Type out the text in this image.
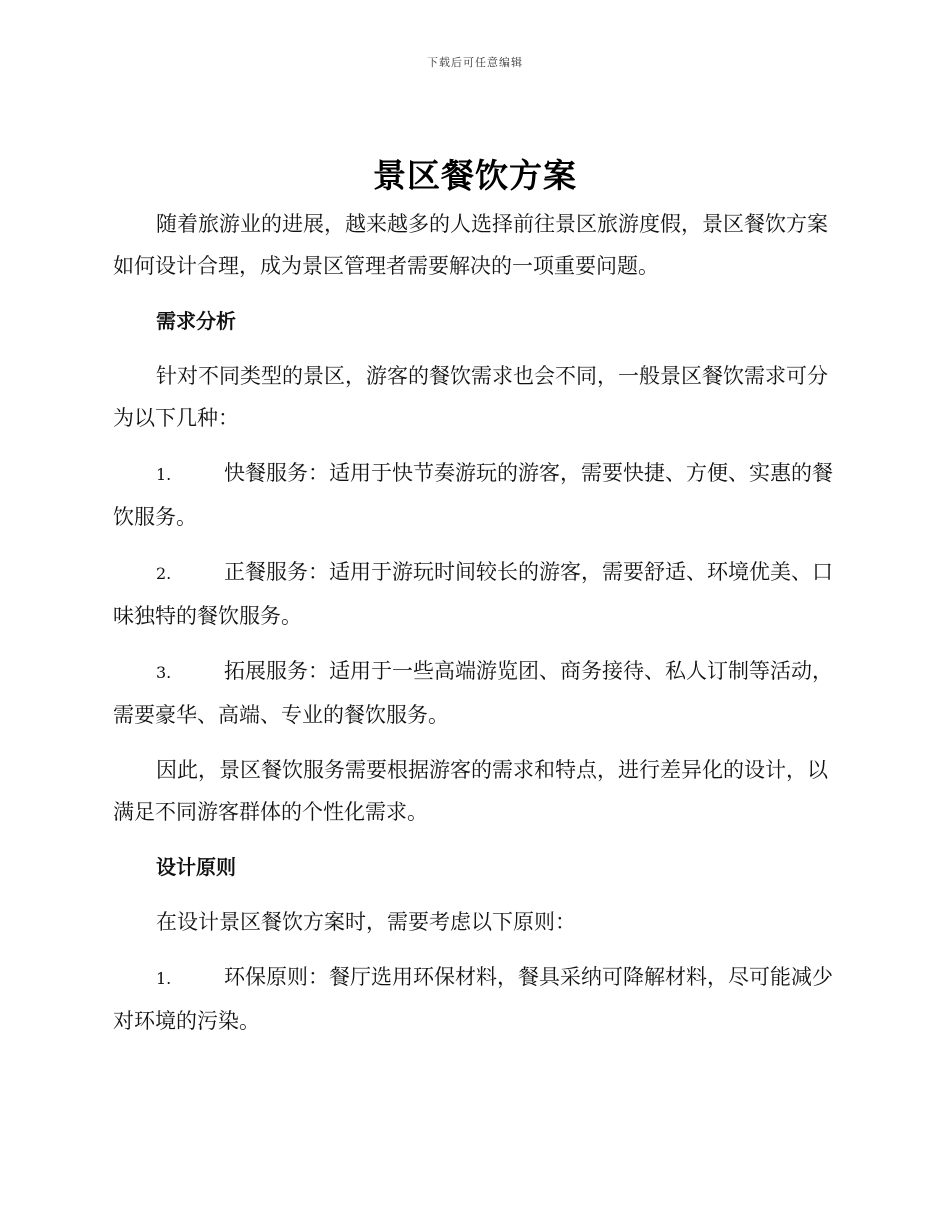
下载后可任意编辑
景区餐饮方案

随着旅游业的进展，越来越多的人选择前往景区旅游度假，景区餐饮方案如何设计合理，成为景区管理者需要解决的一项重要问题。

需求分析

针对不同类型的景区，游客的餐饮需求也会不同，一般景区餐饮需求可分为以下几种：

1.	快餐服务：适用于快节奏游玩的游客，需要快捷、方便、实惠的餐饮服务。

2.	正餐服务：适用于游玩时间较长的游客，需要舒适、环境优美、口味独特的餐饮服务。

3.	拓展服务：适用于一些高端游览团、商务接待、私人订制等活动，需要豪华、高端、专业的餐饮服务。

因此，景区餐饮服务需要根据游客的需求和特点，进行差异化的设计，以满足不同游客群体的个性化需求。

设计原则

在设计景区餐饮方案时，需要考虑以下原则：

1.	环保原则：餐厅选用环保材料，餐具采纳可降解材料，尽可能减少对环境的污染。
